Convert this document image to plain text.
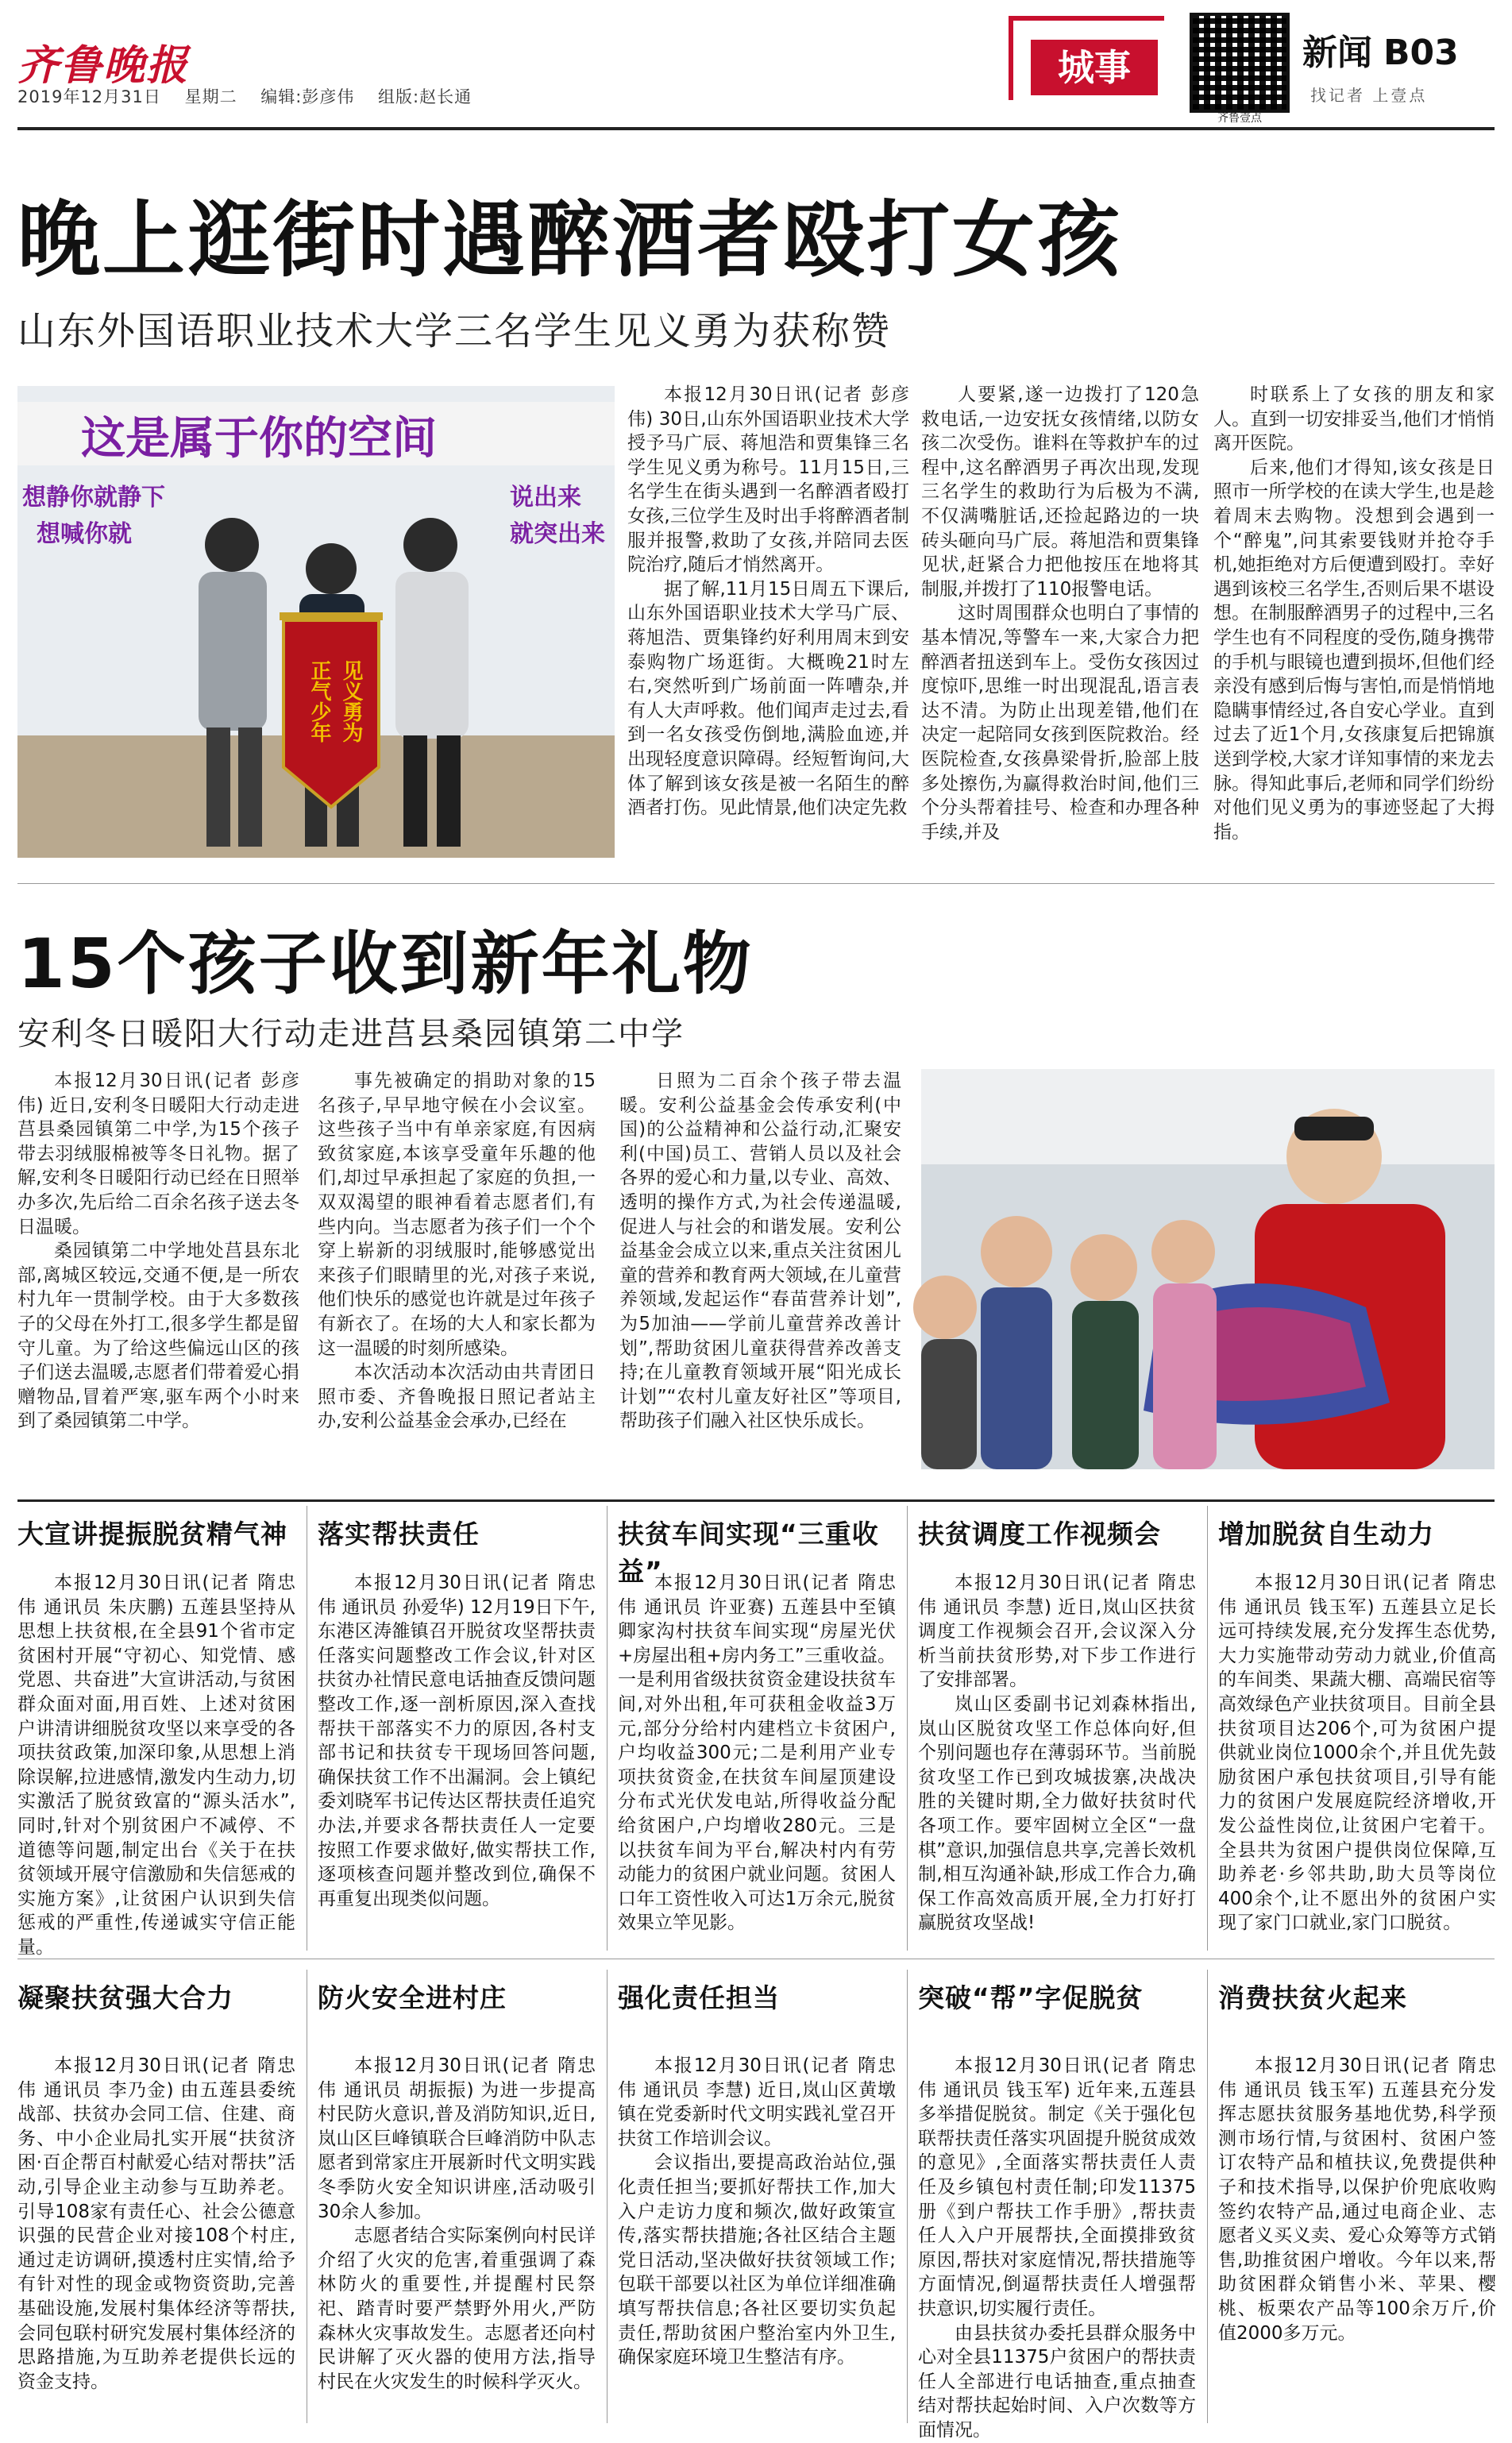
齐鲁晚报
2019年12月31日 星期二 编辑:彭彦伟 组版:赵长通
城事
齐鲁壹点
新闻 B03
找记者 上壹点
晚上逛街时遇醉酒者殴打女孩
山东外国语职业技术大学三名学生见义勇为获称赞
这是属于你的空间
想静你就静下
想喊你就
说出来
就突出来
见义勇为
正气少年

本报12月30日讯(记者 彭彦伟) 30日,山东外国语职业技术大学授予马广辰、蒋旭浩和贾集锋三名学生见义勇为称号。11月15日,三名学生在街头遇到一名醉酒者殴打女孩,三位学生及时出手将醉酒者制服并报警,救助了女孩,并陪同去医院治疗,随后才悄然离开。

据了解,11月15日周五下课后,山东外国语职业技术大学马广辰、蒋旭浩、贾集锋约好利用周末到安泰购物广场逛街。大概晚21时左右,突然听到广场前面一阵嘈杂,并有人大声呼救。他们闻声走过去,看到一名女孩受伤倒地,满脸血迹,并出现轻度意识障碍。经短暂询问,大体了解到该女孩是被一名陌生的醉酒者打伤。见此情景,他们决定先救

人要紧,遂一边拨打了120急救电话,一边安抚女孩情绪,以防女孩二次受伤。谁料在等救护车的过程中,这名醉酒男子再次出现,发现三名学生的救助行为后极为不满,不仅满嘴脏话,还捡起路边的一块砖头砸向马广辰。蒋旭浩和贾集锋见状,赶紧合力把他按压在地将其制服,并拨打了110报警电话。

这时周围群众也明白了事情的基本情况,等警车一来,大家合力把醉酒者扭送到车上。受伤女孩因过度惊吓,思维一时出现混乱,语言表达不清。为防止出现差错,他们在决定一起陪同女孩到医院救治。经医院检查,女孩鼻梁骨折,脸部上肢多处擦伤,为赢得救治时间,他们三个分头帮着挂号、检查和办理各种手续,并及

时联系上了女孩的朋友和家人。直到一切安排妥当,他们才悄悄离开医院。

后来,他们才得知,该女孩是日照市一所学校的在读大学生,也是趁着周末去购物。没想到会遇到一个“醉鬼”,问其索要钱财并抢夺手机,她拒绝对方后便遭到殴打。幸好遇到该校三名学生,否则后果不堪设想。在制服醉酒男子的过程中,三名学生也有不同程度的受伤,随身携带的手机与眼镜也遭到损坏,但他们经亲没有感到后悔与害怕,而是悄悄地隐瞒事情经过,各自安心学业。直到过去了近1个月,女孩康复后把锦旗送到学校,大家才详知事情的来龙去脉。得知此事后,老师和同学们纷纷对他们见义勇为的事迹竖起了大拇指。

15个孩子收到新年礼物
安利冬日暖阳大行动走进莒县桑园镇第二中学

本报12月30日讯(记者 彭彦伟) 近日,安利冬日暖阳大行动走进莒县桑园镇第二中学,为15个孩子带去羽绒服棉被等冬日礼物。据了解,安利冬日暖阳行动已经在日照举办多次,先后给二百余名孩子送去冬日温暖。

桑园镇第二中学地处莒县东北部,离城区较远,交通不便,是一所农村九年一贯制学校。由于大多数孩子的父母在外打工,很多学生都是留守儿童。为了给这些偏远山区的孩子们送去温暖,志愿者们带着爱心捐赠物品,冒着严寒,驱车两个小时来到了桑园镇第二中学。

事先被确定的捐助对象的15名孩子,早早地守候在小会议室。这些孩子当中有单亲家庭,有因病致贫家庭,本该享受童年乐趣的他们,却过早承担起了家庭的负担,一双双渴望的眼神看着志愿者们,有些内向。当志愿者为孩子们一个个穿上崭新的羽绒服时,能够感觉出来孩子们眼睛里的光,对孩子来说,他们快乐的感觉也许就是过年孩子有新衣了。在场的大人和家长都为这一温暖的时刻所感染。

本次活动本次活动由共青团日照市委、齐鲁晚报日照记者站主办,安利公益基金会承办,已经在

日照为二百余个孩子带去温暖。安利公益基金会传承安利(中国)的公益精神和公益行动,汇聚安利(中国)员工、营销人员以及社会各界的爱心和力量,以专业、高效、透明的操作方式,为社会传递温暖,促进人与社会的和谐发展。安利公益基金会成立以来,重点关注贫困儿童的营养和教育两大领域,在儿童营养领域,发起运作“春苗营养计划”,为5加油——学前儿童营养改善计划”,帮助贫困儿童获得营养改善支持;在儿童教育领域开展“阳光成长计划”“农村儿童友好社区”等项目,帮助孩子们融入社区快乐成长。

大宣讲提振脱贫精气神

本报12月30日讯(记者 隋忠伟 通讯员 朱庆鹏) 五莲县坚持从思想上扶贫根,在全县91个省市定贫困村开展“守初心、知党情、感党恩、共奋进”大宣讲活动,与贫困群众面对面,用百姓、上述对贫困户讲清讲细脱贫攻坚以来享受的各项扶贫政策,加深印象,从思想上消除误解,拉进感情,激发内生动力,切实激活了脱贫致富的“源头活水”,同时,针对个别贫困户不减停、不道德等问题,制定出台《关于在扶贫领域开展守信激励和失信惩戒的实施方案》,让贫困户认识到失信惩戒的严重性,传递诚实守信正能量。

落实帮扶责任

本报12月30日讯(记者 隋忠伟 通讯员 孙爱华) 12月19日下午,东港区涛雒镇召开脱贫攻坚帮扶责任落实问题整改工作会议,针对区扶贫办社情民意电话抽查反馈问题整改工作,逐一剖析原因,深入查找帮扶干部落实不力的原因,各村支部书记和扶贫专干现场回答问题,确保扶贫工作不出漏洞。会上镇纪委刘晓军书记传达区帮扶责任追究办法,并要求各帮扶责任人一定要按照工作要求做好,做实帮扶工作,逐项核查问题并整改到位,确保不再重复出现类似问题。

扶贫车间实现“三重收益”

本报12月30日讯(记者 隋忠伟 通讯员 许亚赛) 五莲县中至镇卿家沟村扶贫车间实现“房屋光伏+房屋出租+房内务工”三重收益。一是利用省级扶贫资金建设扶贫车间,对外出租,年可获租金收益3万元,部分分给村内建档立卡贫困户,户均收益300元;二是利用产业专项扶贫资金,在扶贫车间屋顶建设分布式光伏发电站,所得收益分配给贫困户,户均增收280元。三是以扶贫车间为平台,解决村内有劳动能力的贫困户就业问题。贫困人口年工资性收入可达1万余元,脱贫效果立竿见影。

扶贫调度工作视频会

本报12月30日讯(记者 隋忠伟 通讯员 李慧) 近日,岚山区扶贫调度工作视频会召开,会议深入分析当前扶贫形势,对下步工作进行了安排部署。

岚山区委副书记刘森林指出,岚山区脱贫攻坚工作总体向好,但个别问题也存在薄弱环节。当前脱贫攻坚工作已到攻城拔寨,决战决胜的关键时期,全力做好扶贫时代各项工作。要牢固树立全区“一盘棋”意识,加强信息共享,完善长效机制,相互沟通补缺,形成工作合力,确保工作高效高质开展,全力打好打赢脱贫攻坚战!

增加脱贫自生动力

本报12月30日讯(记者 隋忠伟 通讯员 钱玉军) 五莲县立足长远可持续发展,充分发挥生态优势,大力实施带动劳动力就业,价值高的车间类、果蔬大棚、高端民宿等高效绿色产业扶贫项目。目前全县扶贫项目达206个,可为贫困户提供就业岗位1000余个,并且优先鼓励贫困户承包扶贫项目,引导有能力的贫困户发展庭院经济增收,开发公益性岗位,让贫困户宅着干。全县共为贫困户提供岗位保障,互助养老·乡邻共助,助大员等岗位400余个,让不愿出外的贫困户实现了家门口就业,家门口脱贫。

凝聚扶贫强大合力

本报12月30日讯(记者 隋忠伟 通讯员 李乃金) 由五莲县委统战部、扶贫办会同工信、住建、商务、中小企业局扎实开展“扶贫济困·百企帮百村献爱心结对帮扶”活动,引导企业主动参与互助养老。引导108家有责任心、社会公德意识强的民营企业对接108个村庄,通过走访调研,摸透村庄实情,给予有针对性的现金或物资资助,完善基础设施,发展村集体经济等帮扶,会同包联村研究发展村集体经济的思路措施,为互助养老提供长远的资金支持。

防火安全进村庄

本报12月30日讯(记者 隋忠伟 通讯员 胡振振) 为进一步提高村民防火意识,普及消防知识,近日,岚山区巨峰镇联合巨峰消防中队志愿者到常家庄开展新时代文明实践冬季防火安全知识讲座,活动吸引30余人参加。

志愿者结合实际案例向村民详介绍了火灾的危害,着重强调了森林防火的重要性,并提醒村民祭祀、踏青时要严禁野外用火,严防森林火灾事故发生。志愿者还向村民讲解了灭火器的使用方法,指导村民在火灾发生的时候科学灭火。

强化责任担当

本报12月30日讯(记者 隋忠伟 通讯员 李慧) 近日,岚山区黄墩镇在党委新时代文明实践礼堂召开扶贫工作培训会议。

会议指出,要提高政治站位,强化责任担当;要抓好帮扶工作,加大入户走访力度和频次,做好政策宣传,落实帮扶措施;各社区结合主题党日活动,坚决做好扶贫领域工作;包联干部要以社区为单位详细准确填写帮扶信息;各社区要切实负起责任,帮助贫困户整治室内外卫生,确保家庭环境卫生整洁有序。

突破“帮”字促脱贫

本报12月30日讯(记者 隋忠伟 通讯员 钱玉军) 近年来,五莲县多举措促脱贫。制定《关于强化包联帮扶责任落实巩固提升脱贫成效的意见》,全面落实帮扶责任人责任及乡镇包村责任制;印发11375册《到户帮扶工作手册》,帮扶责任人入户开展帮扶,全面摸排致贫原因,帮扶对家庭情况,帮扶措施等方面情况,倒逼帮扶责任人增强帮扶意识,切实履行责任。

由县扶贫办委托县群众服务中心对全县11375户贫困户的帮扶责任人全部进行电话抽查,重点抽查结对帮扶起始时间、入户次数等方面情况。

消费扶贫火起来

本报12月30日讯(记者 隋忠伟 通讯员 钱玉军) 五莲县充分发挥志愿扶贫服务基地优势,科学预测市场行情,与贫困村、贫困户签订农特产品和植扶议,免费提供种子和技术指导,以保护价兜底收购签约农特产品,通过电商企业、志愿者义买义卖、爱心众筹等方式销售,助推贫困户增收。今年以来,帮助贫困群众销售小米、苹果、樱桃、板栗农产品等100余万斤,价值2000多万元。
